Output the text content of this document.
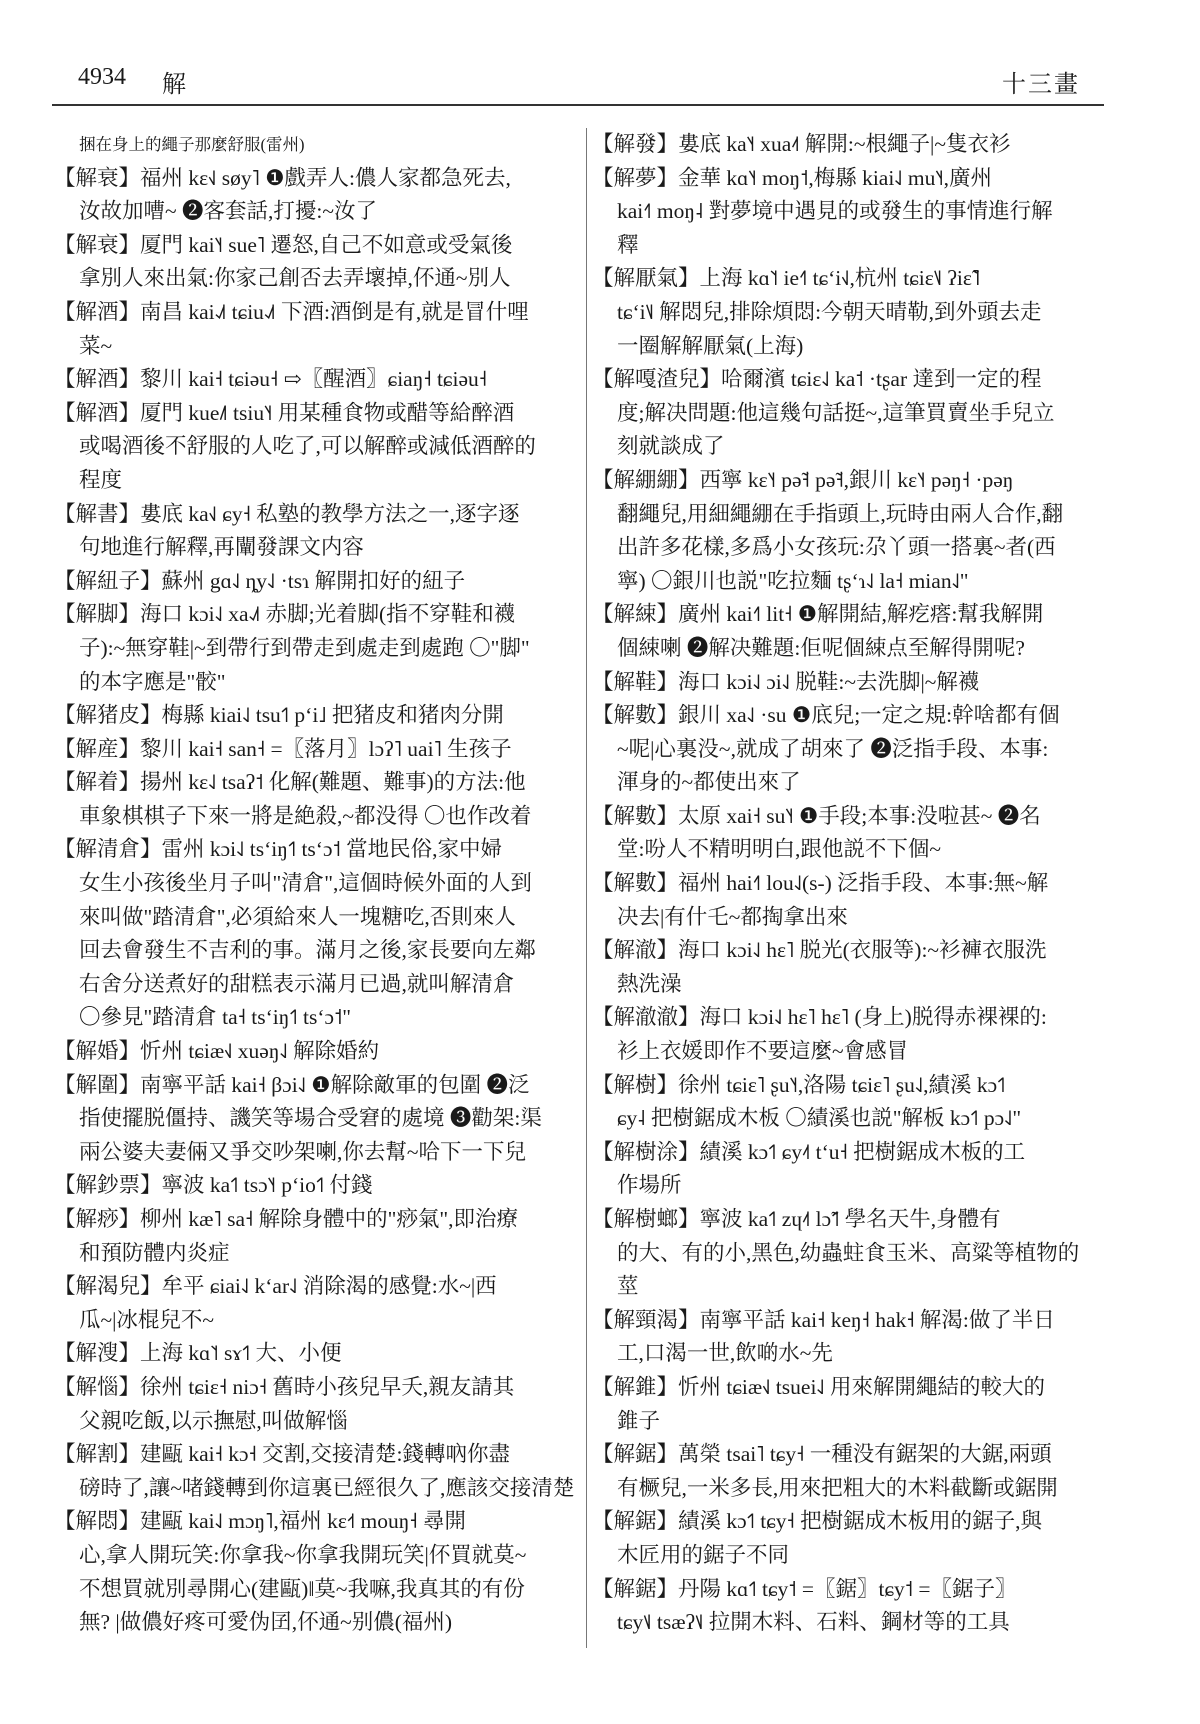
4934 解	十三畫
捆在身上的繩子那麼舒服(雷州)
【解衰】福州 kɛ˧˩ søy˥ ❶戲弄人:儂人家都急死去,
汝故加嘈~ ❷客套話,打擾:~汝了
【解衰】厦門 kai˥˧ sue˥ 遷怒,自己不如意或受氣後
拿別人來出氣:你家己創否去弄壞掉,伓通~別人
【解酒】南昌 kai˨˩˦ tɕiu˨˩˦ 下酒:酒倒是有,就是冒什哩
菜~
【解酒】黎川 kai˧ tɕiəu˧ ⇨〖醒酒〗ɕiaŋ˧ tɕiəu˧
【解酒】厦門 kue˩˥ tsiu˥˧ 用某種食物或醋等給醉酒
或喝酒後不舒服的人吃了,可以解醉或減低酒醉的
程度
【解書】婁底 ka˧˩ ɕy˧ 私塾的教學方法之一,逐字逐
句地進行解釋,再闡發課文内容
【解紐子】蘇州 gɑ˨˩ ȵy˨˩ ·tsɿ 解開扣好的紐子
【解脚】海口 kɔi˨˩ xa˨˩˦ 赤脚;光着脚(指不穿鞋和襪
子):~無穿鞋|~到帶行到帶走到處走到處跑 〇"脚"
的本字應是"骹"
【解猪皮】梅縣 kiai˨˩ tsu˦˥ pʻi˩ 把猪皮和猪肉分開
【解産】黎川 kai˧ san˧ =〖落月〗lɔʔ˥ uai˥ 生孩子
【解着】揚州 kɛ˨˩ tsaʔ˦ 化解(難題、難事)的方法:他
車象棋棋子下來一將是絶殺,~都没得 〇也作改着
【解清倉】雷州 kɔi˨˩ tsʻiŋ˦˥ tsʻɔ˦ 當地民俗,家中婦
女生小孩後坐月子叫"清倉",這個時候外面的人到
來叫做"踏清倉",必須給來人一塊糖吃,否則來人
回去會發生不吉利的事。滿月之後,家長要向左鄰
右舍分送煮好的甜糕表示滿月已過,就叫解清倉
〇參見"踏清倉 ta˧ tsʻiŋ˦˥ tsʻɔ˦"
【解婚】忻州 tɕiæ˧˩ xuəŋ˨˩ 解除婚約
【解圍】南寧平話 kai˧ βɔi˨˩ ❶解除敵軍的包圍 ❷泛
指使擺脱僵持、譏笑等場合受窘的處境 ❸勸架:渠
兩公婆夫妻倆又爭交吵架喇,你去幫~哈下一下兒
【解鈔票】寧波 ka˦˥ tsɔ˥˧ pʻio˦˥ 付錢
【解痧】柳州 kæ˥ sa˧ 解除身體中的"痧氣",即治療
和預防體内炎症
【解渴兒】牟平 ɕiai˨˩ kʻar˨˩ 消除渴的感覺:水~|西
瓜~|冰棍兒不~
【解溲】上海 kɑ˥˦ sɤ˦˥ 大、小便
【解惱】徐州 tɕiɛ˧ niɔ˧ 舊時小孩兒早夭,親友請其
父親吃飯,以示撫慰,叫做解惱
【解割】建甌 kai˧ kɔ˧ 交割,交接清楚:錢轉吶你盡
磅時了,讓~啫錢轉到你這裏已經很久了,應該交接清楚
【解悶】建甌 kai˨˩ mɔŋ˥,福州 kɛ˧˦ mouŋ˧ 尋開
心,拿人開玩笑:你拿我~你拿我開玩笑|伓買就莫~
不想買就別尋開心(建甌)‖莫~我嘛,我真其的有份
無? |做儂好疼可愛伪囝,伓通~别儂(福州)
【解發】婁底 ka˥˧ xua˨˦ 解開:~根繩子|~隻衣衫
【解夢】金華 kɑ˥˧ moŋ˦,梅縣 kiai˨˩ mu˥˧,廣州
kai˧˥ moŋ˨ 對夢境中遇見的或發生的事情進行解
釋
【解厭氣】上海 kɑ˥˦ ie˧˥ tɕʻi˧˩,杭州 tɕiɛ˥˩ ʔiɛ̃˥
tɕʻi˥˩ 解悶兒,排除煩悶:今朝天晴勒,到外頭去走
一圈解解厭氣(上海)
【解嘎渣兒】哈爾濱 tɕiɛ˨˩ ka˦ ·tʂar 達到一定的程
度;解决問題:他這幾句話挺~,這筆買賣坐手兒立
刻就談成了
【解綳綳】西寧 kɛ˥˧ pə̃˧ pə̃˧,銀川 kɛ˥˧ pəŋ˧ ·pəŋ
翻繩兒,用細繩綳在手指頭上,玩時由兩人合作,翻
出許多花樣,多爲小女孩玩:尕丫頭一搭裏~者(西
寧) 〇銀川也説"吃拉麵 tʂʻɿ˨˩ la˧ mian˨˩"
【解綀】廣州 kai˧˥ lit˧ ❶解開結,解疙瘩:幫我解開
個綀喇 ❷解决難題:佢呢個綀点至解得開呢?
【解鞋】海口 kɔi˨˩ ɔi˨˩ 脱鞋:~去洗脚|~解襪
【解數】銀川 xa˨˩ ·su ❶底兒;一定之規:幹啥都有個
~呢|心裏没~,就成了胡來了 ❷泛指手段、本事:
渾身的~都使出來了
【解數】太原 xai˧ su˥˧ ❶手段;本事:没啦甚~ ❷名
堂:吩人不精明明白,跟他説不下個~
【解數】福州 hai˧˥ lou˨˩(s-) 泛指手段、本事:無~解
决去|有什乇~都掏拿出來
【解澈】海口 kɔi˨˩ hɛ˥ 脱光(衣服等):~衫褲衣服洗
熱洗澡
【解澈澈】海口 kɔi˨˩ hɛ˥ hɛ˥ (身上)脱得赤裸裸的:
衫上衣媛即作不要這麼~會感冒
【解樹】徐州 tɕiɛ˥ ʂu˥˧,洛陽 tɕiɛ˥ ʂu˨˩,績溪 kɔ˦˥
ɕy˨ 把樹鋸成木板 〇績溪也説"解板 kɔ˦˥ pɔ˨˩"
【解樹涂】績溪 kɔ˦˥ ɕy˨˦ tʻu˧ 把樹鋸成木板的工
作場所
【解樹螂】寧波 ka˦˥ zɥ˨˦ lɔ̃˦˥ 學名天牛,身體有
的大、有的小,黑色,幼蟲蛀食玉米、高粱等植物的
莖
【解頸渴】南寧平話 kai˧ keŋ˧ hak˧ 解渴:做了半日
工,口渴一世,飲啲水~先
【解錐】忻州 tɕiæ˧˩ tsuei˨˩ 用來解開繩結的較大的
錐子
【解鋸】萬榮 tsai˥ tɕy˧ 一種没有鋸架的大鋸,兩頭
有橛兒,一米多長,用來把粗大的木料截斷或鋸開
【解鋸】績溪 kɔ˦˥ tɕy˧ 把樹鋸成木板用的鋸子,與
木匠用的鋸子不同
【解鋸】丹陽 kɑ˦˥ tɕy˦ =〖鋸〗tɕy˦ =〖鋸子〗
tɕy˦˩ tsæʔ˦˩ 拉開木料、石料、鋼材等的工具
